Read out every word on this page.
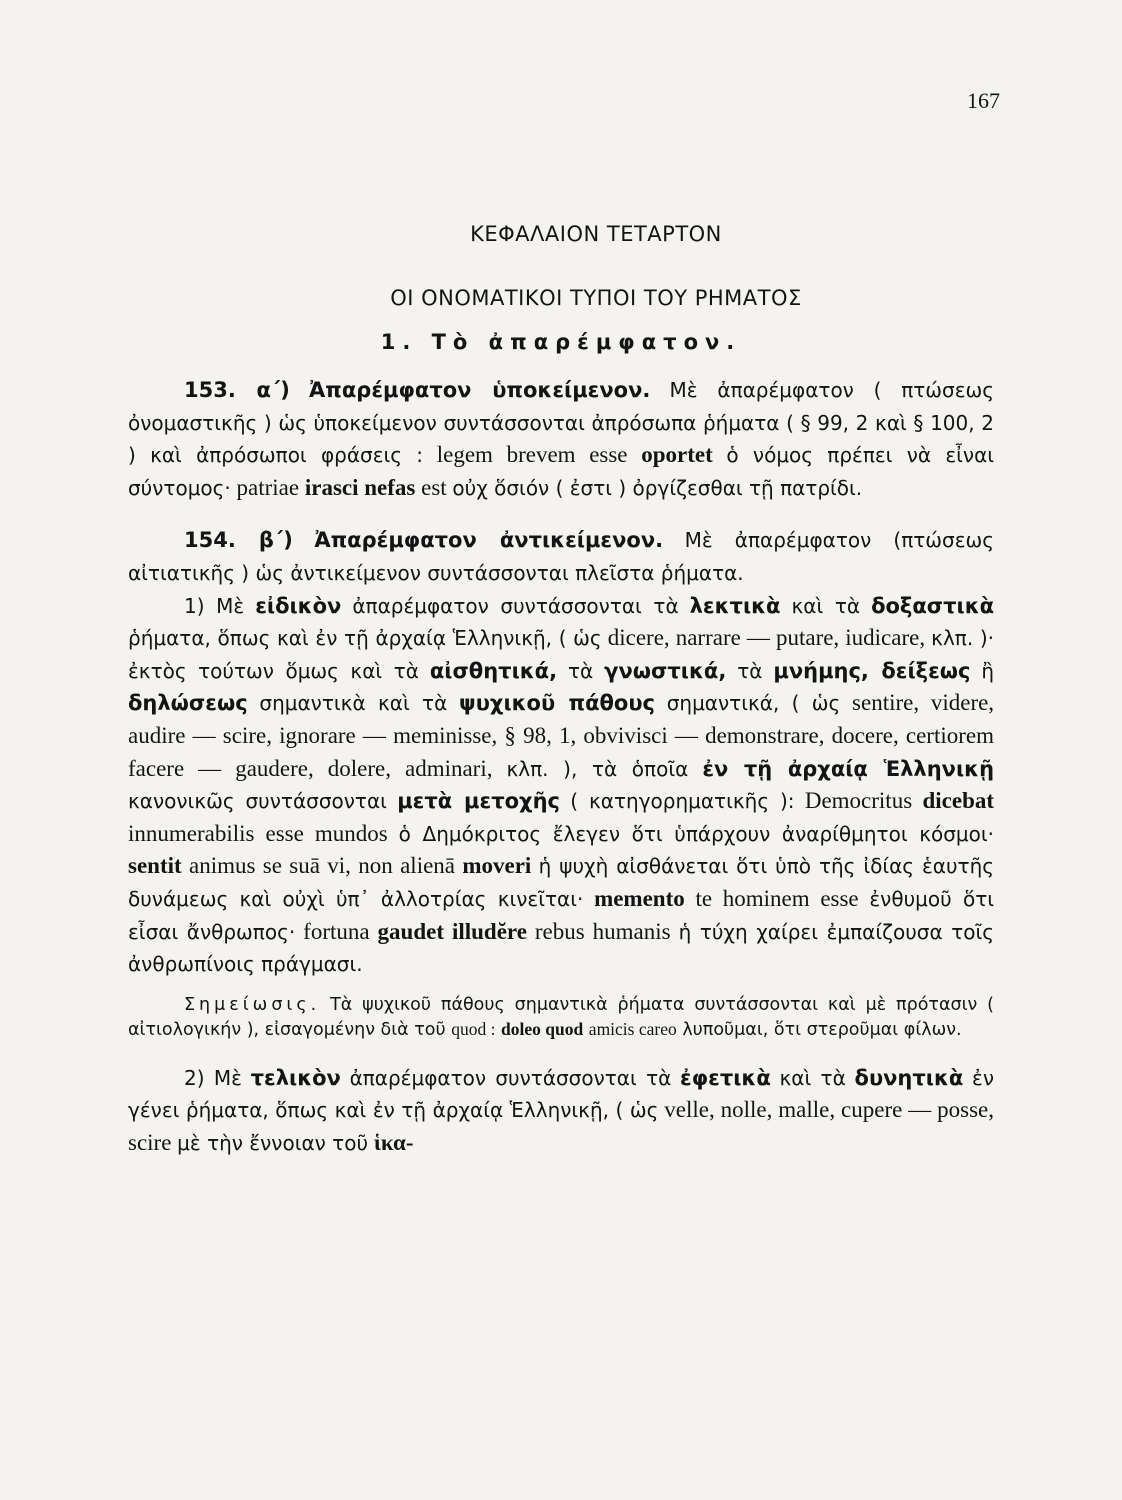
167
ΚΕΦΑΛΑΙΟΝ ΤΕΤΑΡΤΟΝ
ΟΙ ΟΝΟΜΑΤΙΚΟΙ ΤΥΠΟΙ ΤΟΥ ΡΗΜΑΤΟΣ
1. Τὸ ἀπαρέμφατον.

153. α΄) Ἀπαρέμφατον ὑποκείμενον. Μὲ ἀπαρέμφατον ( πτώσεως ὀνομαστικῆς ) ὡς ὑποκείμενον συντάσσονται ἀπρόσωπα ῥήματα ( § 99, 2 καὶ § 100, 2 ) καὶ ἀπρόσωποι φράσεις : legem brevem esse oportet ὁ νόμος πρέπει νὰ εἶναι σύντομος· patriae irasci nefas est οὐχ ὅσιόν ( ἐστι ) ὀργίζεσθαι τῇ πατρίδι.

154. β΄) Ἀπαρέμφατον ἀντικείμενον. Μὲ ἀπαρέμφατον (πτώσεως αἰτιατικῆς ) ὡς ἀντικείμενον συντάσσονται πλεῖστα ῥήματα.

1) Μὲ εἰδικὸν ἀπαρέμφατον συντάσσονται τὰ λεκτικὰ καὶ τὰ δοξαστικὰ ῥήματα, ὅπως καὶ ἐν τῇ ἀρχαίᾳ Ἑλληνικῇ, ( ὡς dicere, narrare — putare, iudicare, κλπ. )· ἐκτὸς τούτων ὅμως καὶ τὰ αἰσθητικά, τὰ γνωστικά, τὰ μνήμης, δείξεως ἢ δηλώσεως σημαντικὰ καὶ τὰ ψυχικοῦ πάθους σημαντικά, ( ὡς sentire, videre, audire — scire, ignorare — meminisse, § 98, 1, obvivisci — demonstrare, docere, certiorem facere — gaudere, dolere, adminari, κλπ. ), τὰ ὁποῖα ἐν τῇ ἀρχαίᾳ Ἑλληνικῇ κανονικῶς συντάσσονται μετὰ μετοχῆς ( κατηγορηματικῆς ): Democritus dicebat innumerabilis esse mundos ὁ Δημόκριτος ἔλεγεν ὅτι ὑπάρχουν ἀναρίθμητοι κόσμοι· sentit animus se suā vi, non alienā moveri ἡ ψυχὴ αἰσθάνεται ὅτι ὑπὸ τῆς ἰδίας ἑαυτῆς δυνάμεως καὶ οὐχὶ ὑπ᾽ ἀλλοτρίας κινεῖται· memento te hominem esse ἐνθυμοῦ ὅτι εἶσαι ἄνθρωπος· fortuna gaudet illudĕre rebus humanis ἡ τύχη χαίρει ἐμπαίζουσα τοῖς ἀνθρωπίνοις πράγμασι.

Σημείωσις. Τὰ ψυχικοῦ πάθους σημαντικὰ ῥήματα συντάσσονται καὶ μὲ πρότασιν ( αἰτιολογικήν ), εἰσαγομένην διὰ τοῦ quod : doleo quod amicis careo λυποῦμαι, ὅτι στεροῦμαι φίλων.

2) Μὲ τελικὸν ἀπαρέμφατον συντάσσονται τὰ ἐφετικὰ καὶ τὰ δυνητικὰ ἐν γένει ῥήματα, ὅπως καὶ ἐν τῇ ἀρχαίᾳ Ἑλληνικῇ, ( ὡς velle, nolle, malle, cupere — posse, scire μὲ τὴν ἔννοιαν τοῦ ἱκα-
